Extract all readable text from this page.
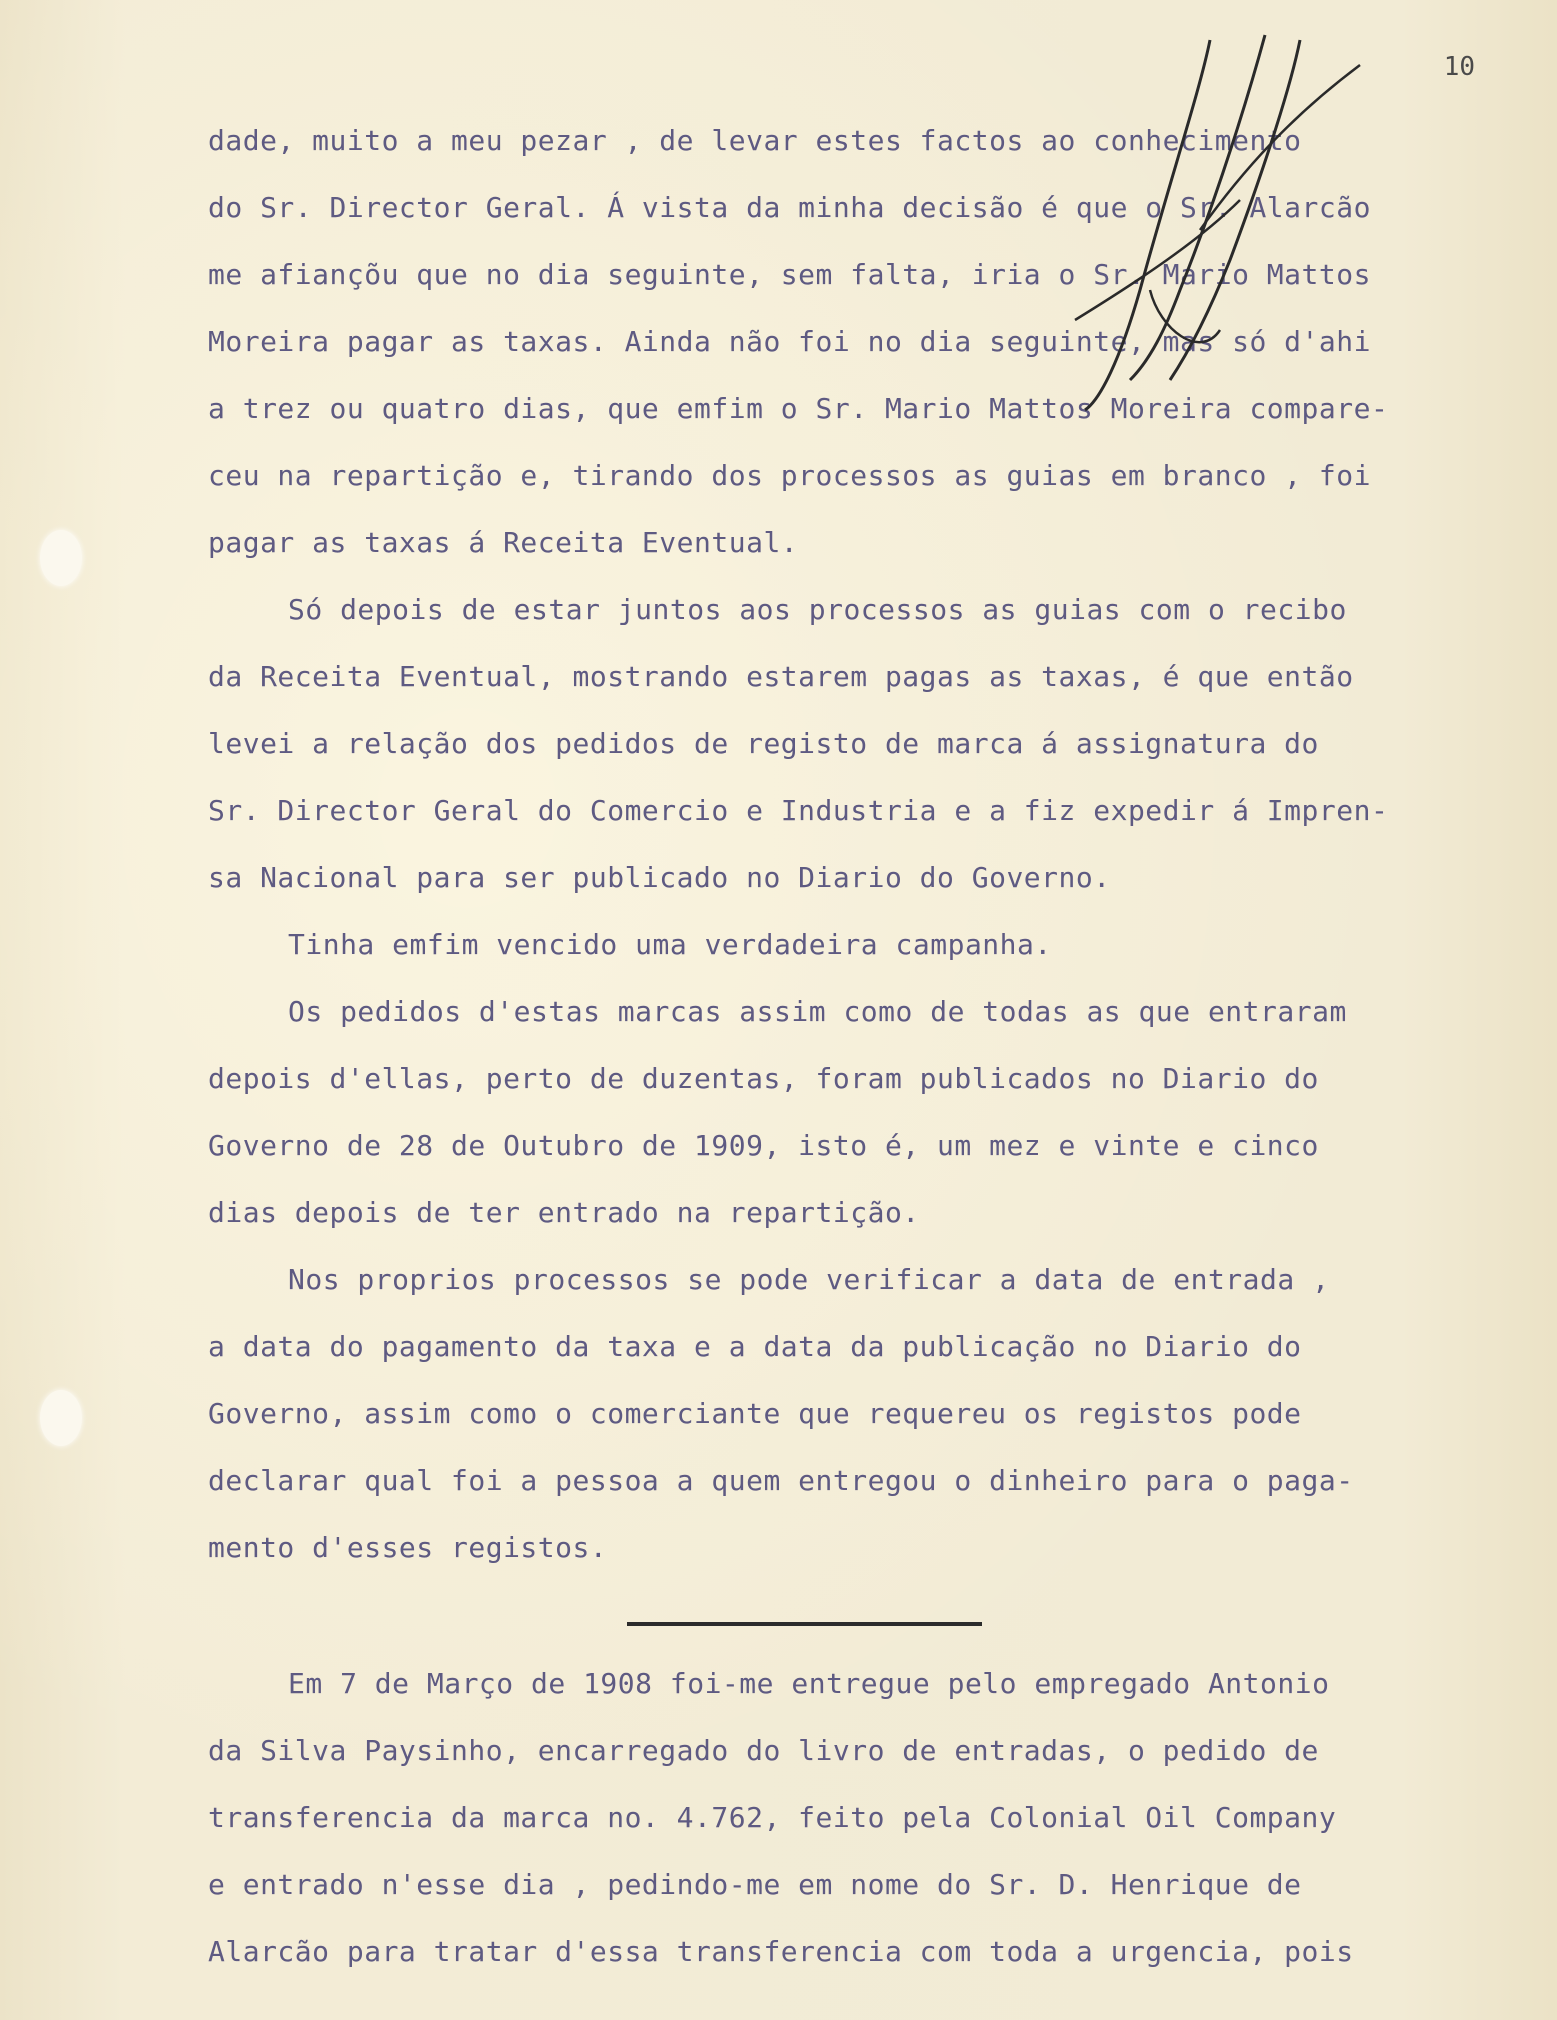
10
dade, muito a meu pezar , de levar estes factos ao conhecimento
do Sr. Director Geral. Á vista da minha decisão é que o Sr. Alarcão
me afiançõu que no dia seguinte, sem falta, iria o Sr. Mario Mattos
Moreira pagar as taxas. Ainda não foi no dia seguinte, mas só d'ahi
a trez ou quatro dias, que emfim o Sr. Mario Mattos Moreira compare-
ceu na repartição e, tirando dos processos as guias em branco , foi
pagar as taxas á Receita Eventual.
Só depois de estar juntos aos processos as guias com o recibo
da Receita Eventual, mostrando estarem pagas as taxas, é que então
levei a relação dos pedidos de registo de marca á assignatura do
Sr. Director Geral do Comercio e Industria e a fiz expedir á Impren-
sa Nacional para ser publicado no Diario do Governo.
Tinha emfim vencido uma verdadeira campanha.
Os pedidos d'estas marcas assim como de todas as que entraram
depois d'ellas, perto de duzentas, foram publicados no Diario do
Governo de 28 de Outubro de 1909, isto é, um mez e vinte e cinco
dias depois de ter entrado na repartição.
Nos proprios processos se pode verificar a data de entrada ,
a data do pagamento da taxa e a data da publicação no Diario do
Governo, assim como o comerciante que requereu os registos pode
declarar qual foi a pessoa a quem entregou o dinheiro para o paga-
mento d'esses registos.
Em 7 de Março de 1908 foi-me entregue pelo empregado Antonio
da Silva Paysinho, encarregado do livro de entradas, o pedido de
transferencia da marca no. 4.762, feito pela Colonial Oil Company
e entrado n'esse dia , pedindo-me em nome do Sr. D. Henrique de
Alarcão para tratar d'essa transferencia com toda a urgencia, pois
